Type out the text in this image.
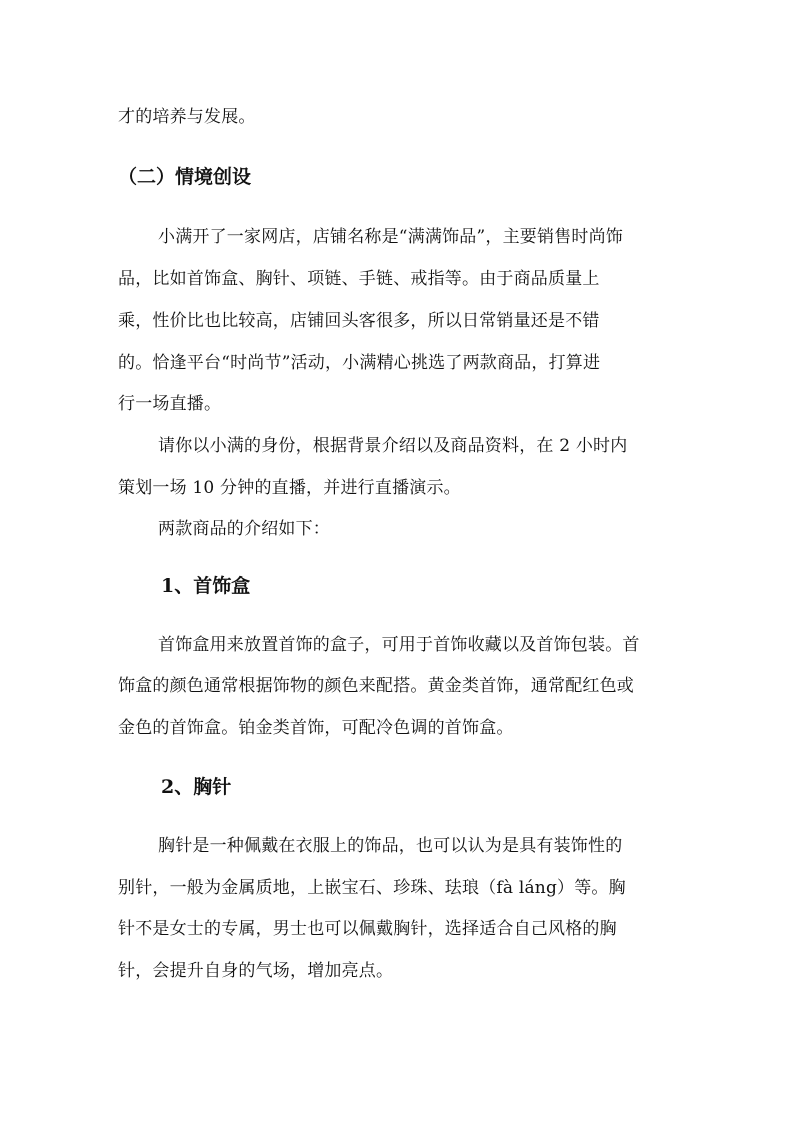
才的培养与发展。
（二）情境创设
小满开了一家网店，店铺名称是“满满饰品”，主要销售时尚饰
品，比如首饰盒、胸针、项链、手链、戒指等。由于商品质量上
乘，性价比也比较高，店铺回头客很多，所以日常销量还是不错
的。恰逢平台“时尚节”活动，小满精心挑选了两款商品，打算进
行一场直播。
请你以小满的身份，根据背景介绍以及商品资料，在 2 小时内
策划一场 10 分钟的直播，并进行直播演示。
两款商品的介绍如下：
1、首饰盒
首饰盒用来放置首饰的盒子，可用于首饰收藏以及首饰包装。首
饰盒的颜色通常根据饰物的颜色来配搭。黄金类首饰，通常配红色或
金色的首饰盒。铂金类首饰，可配冷色调的首饰盒。
2、胸针
胸针是一种佩戴在衣服上的饰品，也可以认为是具有装饰性的
别针，一般为金属质地，上嵌宝石、珍珠、珐琅（fà láng）等。胸
针不是女士的专属，男士也可以佩戴胸针，选择适合自己风格的胸
针，会提升自身的气场，增加亮点。
